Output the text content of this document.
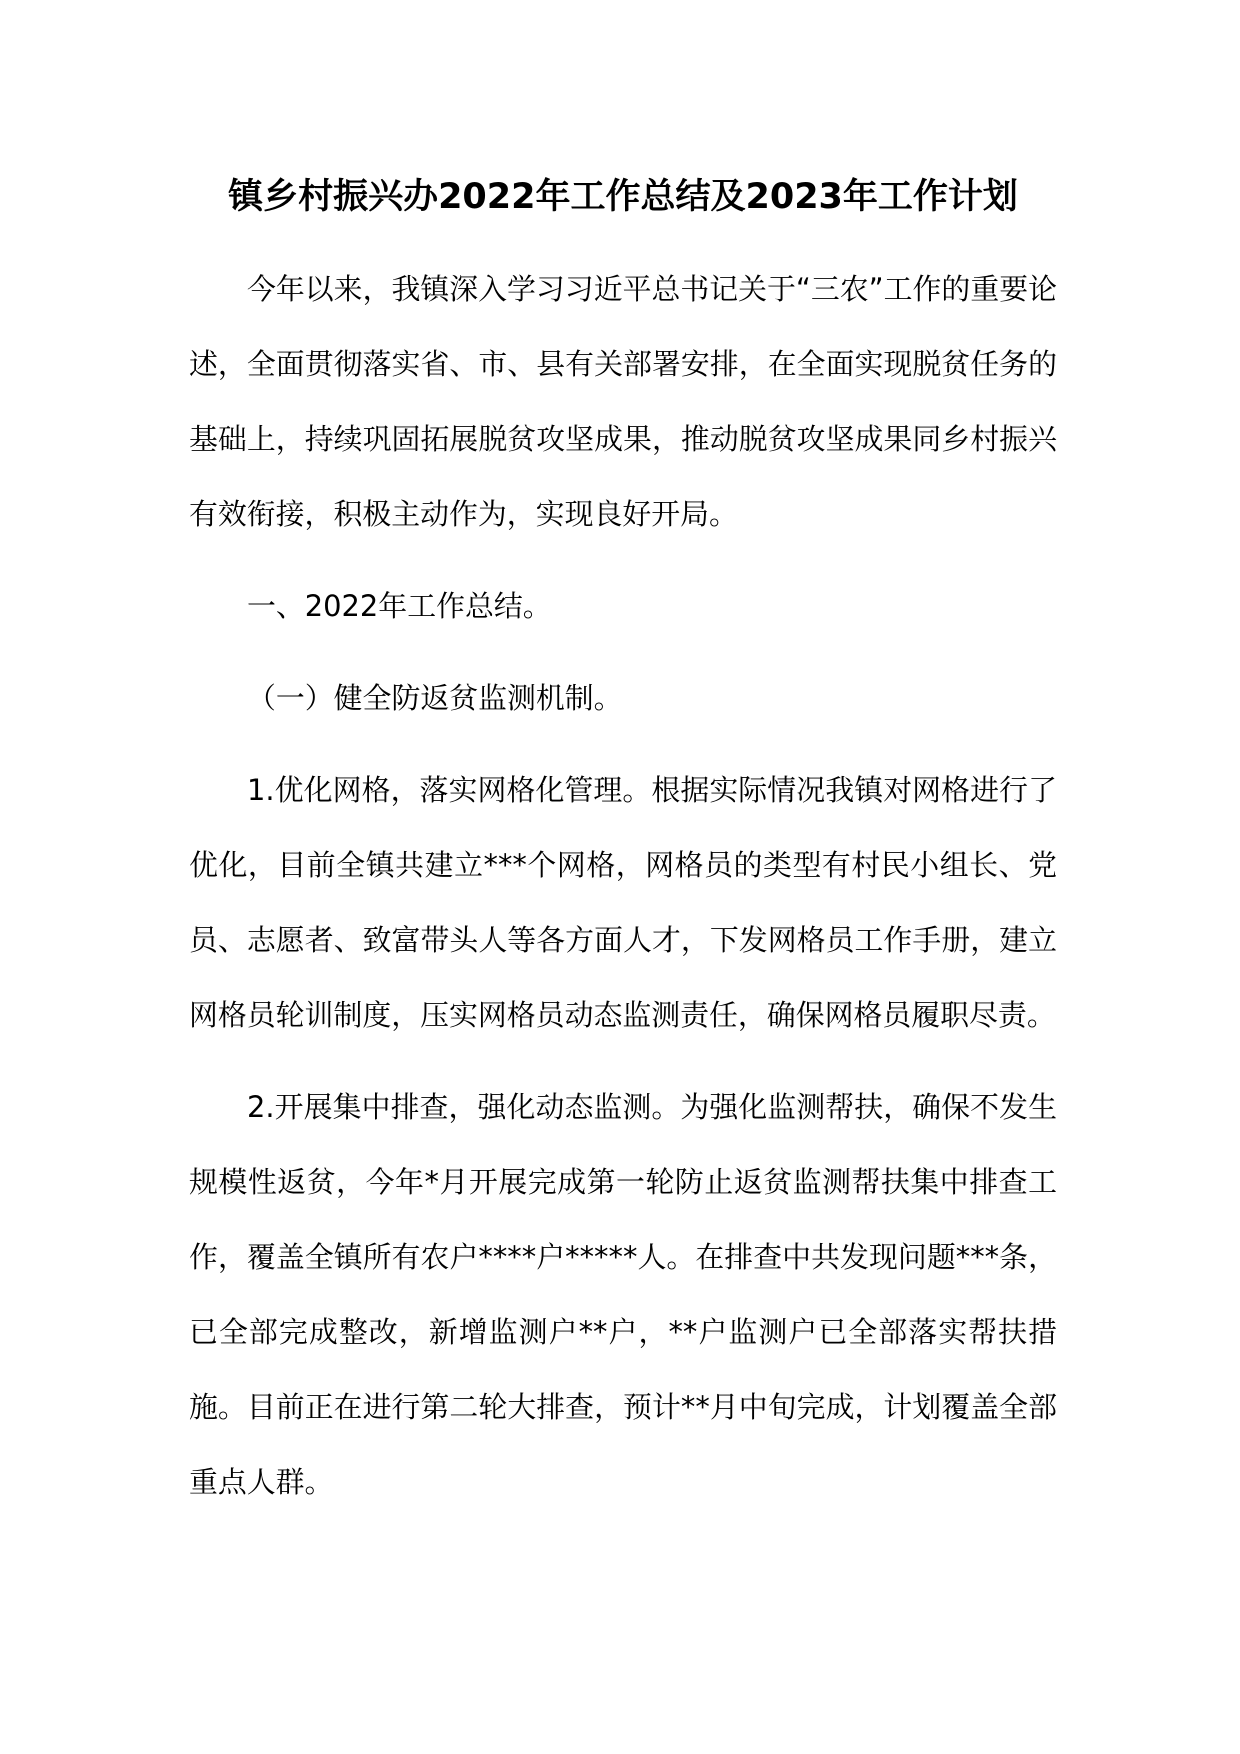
镇乡村振兴办2022年工作总结及2023年工作计划

今年以来，我镇深入学习习近平总书记关于“三农”工作的重要论述，全面贯彻落实省、市、县有关部署安排，在全面实现脱贫任务的基础上，持续巩固拓展脱贫攻坚成果，推动脱贫攻坚成果同乡村振兴有效衔接，积极主动作为，实现良好开局。

一、2022年工作总结。

（一）健全防返贫监测机制。

1.优化网格，落实网格化管理。根据实际情况我镇对网格进行了优化，目前全镇共建立***个网格，网格员的类型有村民小组长、党员、志愿者、致富带头人等各方面人才，下发网格员工作手册，建立网格员轮训制度，压实网格员动态监测责任，确保网格员履职尽责。

2.开展集中排查，强化动态监测。为强化监测帮扶，确保不发生规模性返贫，今年*月开展完成第一轮防止返贫监测帮扶集中排查工作，覆盖全镇所有农户****户*****人。在排查中共发现问题***条，已全部完成整改，新增监测户**户，**户监测户已全部落实帮扶措施。目前正在进行第二轮大排查，预计**月中旬完成，计划覆盖全部重点人群。
